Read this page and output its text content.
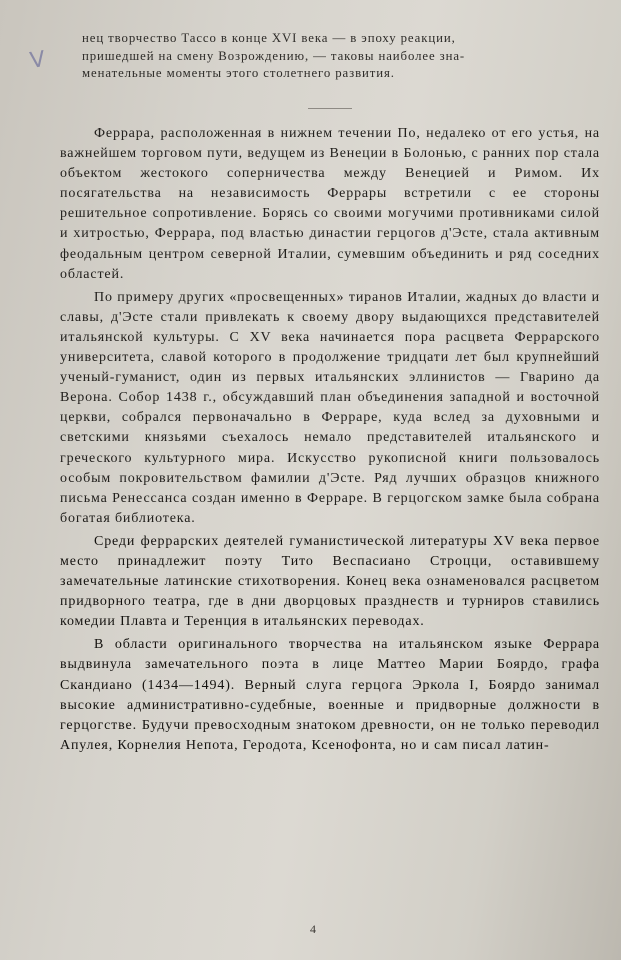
V
нец творчество Тассо в конце XVI века — в эпоху реакции,
пришедшей на смену Возрождению, — таковы наиболее зна-
менательные моменты этого столетнего развития.

Феррара, расположенная в нижнем течении По, недалеко от его устья, на важнейшем торговом пути, ведущем из Венеции в Болонью, с ранних пор стала объектом жестокого соперничества между Венецией и Римом. Их посягательства на независимость Феррары встретили с ее стороны решительное сопротивление. Борясь со своими могучими противниками силой и хитростью, Феррара, под властью династии герцогов д'Эсте, стала активным феодальным центром северной Италии, сумевшим объединить и ряд соседних областей.

По примеру других «просвещенных» тиранов Италии, жадных до власти и славы, д'Эсте стали привлекать к своему двору выдающихся представителей итальянской культуры. С XV века начинается пора расцвета Феррарского университета, славой которого в продолжение тридцати лет был крупнейший ученый-гуманист, один из первых итальянских эллинистов — Гварино да Верона. Собор 1438 г., обсуждавший план объединения западной и восточной церкви, собрался первоначально в Ферраре, куда вслед за духовными и светскими князьями съехалось немало представителей итальянского и греческого культурного мира. Искусство рукописной книги пользовалось особым покровительством фамилии д'Эсте. Ряд лучших образцов книжного письма Ренессанса создан именно в Ферраре. В герцогском замке была собрана богатая библиотека.

Среди феррарских деятелей гуманистической литературы XV века первое место принадлежит поэту Тито Веспасиано Строцци, оставившему замечательные латинские стихотворения. Конец века ознаменовался расцветом придворного театра, где в дни дворцовых празднеств и турниров ставились комедии Плавта и Теренция в итальянских переводах.

В области оригинального творчества на итальянском языке Феррара выдвинула замечательного поэта в лице Маттео Марии Боярдо, графа Скандиано (1434—1494). Верный слуга герцога Эркола I, Боярдо занимал высокие административно-судебные, военные и придворные должности в герцогстве. Будучи превосходным знатоком древности, он не только переводил Апулея, Корнелия Непота, Геродота, Ксенофонта, но и сам писал латин-

4
